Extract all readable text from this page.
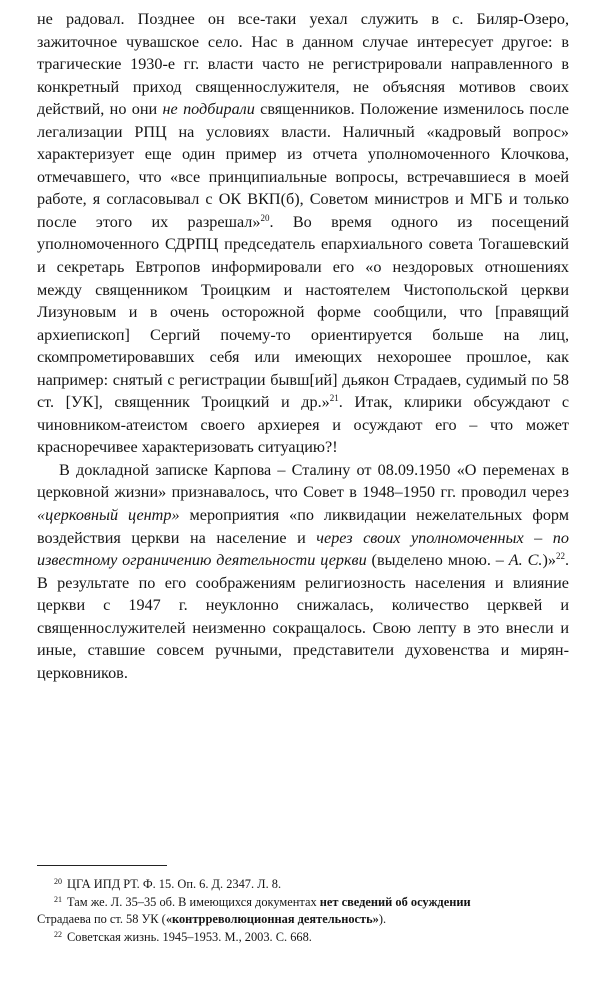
не радовал. Позднее он все-таки уехал служить в с. Биляр-Озеро, зажиточное чувашское село. Нас в данном случае интересует другое: в трагические 1930-е гг. власти часто не регистрировали направленного в конкретный приход священнослужителя, не объясняя мотивов своих действий, но они не подбирали священников. Положение изменилось после легализации РПЦ на условиях власти. Наличный «кадровый вопрос» характеризует еще один пример из отчета уполномоченного Клочкова, отмечавшего, что «все принципиальные вопросы, встречавшиеся в моей работе, я согласовывал с ОК ВКП(б), Советом министров и МГБ и только после этого их разрешал»$^{20}$. Во время одного из посещений уполномоченного СДРПЦ председатель епархиального совета Тогашевский и секретарь Евтропов информировали его «о нездоровых отношениях между священником Троицким и настоятелем Чистопольской церкви Лизуновым и в очень осторожной форме сообщили, что [правящий архиепископ] Сергий почему-то ориентируется больше на лиц, скомпрометировавших себя или имеющих нехорошее прошлое, как например: снятый с регистрации бывш[ий] дьякон Страдаев, судимый по 58 ст. [УК], священник Троицкий и др.»$^{21}$. Итак, клирики обсуждают с чиновником-атеистом своего архиерея и осуждают его – что может красноречивее характеризовать ситуацию?!

В докладной записке Карпова – Сталину от 08.09.1950 «О переменах в церковной жизни» признавалось, что Совет в 1948–1950 гг. проводил через «церковный центр» мероприятия «по ликвидации нежелательных форм воздействия церкви на население и через своих уполномоченных – по известному ограничению деятельности церкви (выделено мною. – А. С.)»$^{22}$. В результате по его соображениям религиозность населения и влияние церкви с 1947 г. неуклонно снижалась, количество церквей и священнослужителей неизменно сокращалось. Свою лепту в это внесли и иные, ставшие совсем ручными, представители духовенства и мирян-церковников.

$^{20}$ ЦГА ИПД РТ. Ф. 15. Оп. 6. Д. 2347. Л. 8.

$^{21}$ Там же. Л. 35–35 об. В имеющихся документах нет сведений об осуждении

Страдаева по ст. 58 УК («контрреволюционная деятельность»).

$^{22}$ Советская жизнь. 1945–1953. М., 2003. С. 668.
